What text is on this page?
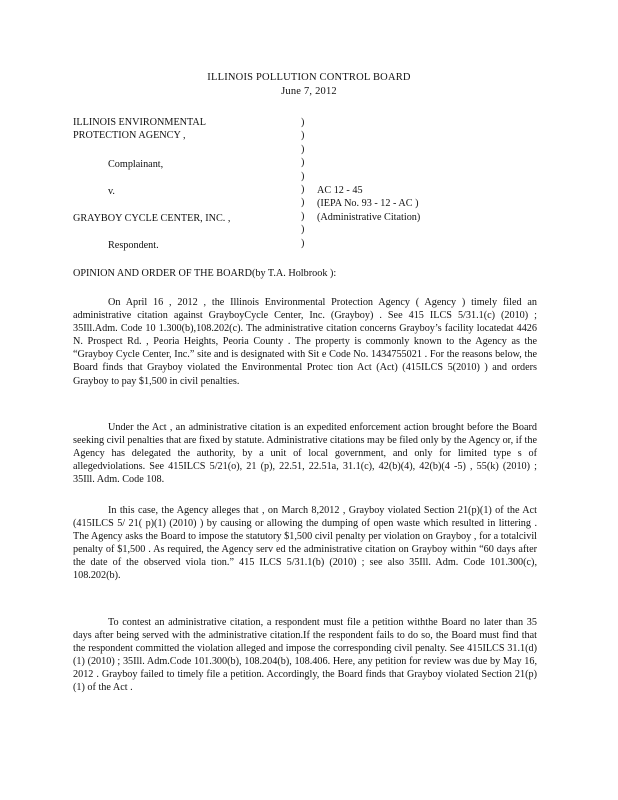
ILLINOIS POLLUTION CONTROL BOARD
June 7, 2012
ILLINOIS ENVIRONMENTAL
PROTECTION AGENCY ,
Complainant,
v.
GRAYBOY CYCLE CENTER, INC. ,
Respondent.
)
)
)
)
)
)
)
)
)
)
AC 12 - 45
(IEPA No. 93 - 12 - AC )
(Administrative Citation)
OPINION AND ORDER OF THE BOARD(by T.A. Holbrook ):

On April 16 , 2012 , the Illinois Environmental Protection Agency ( Agency ) timely filed an administrative citation against GrayboyCycle Center, Inc. (Grayboy) . See 415 ILCS 5/31.1(c) (2010) ; 35Ill.Adm. Code 10 1.300(b),108.202(c). The administrative citation concerns Grayboy’s facility locatedat 4426 N. Prospect Rd. , Peoria Heights, Peoria County . The property is commonly known to the Agency as the “Grayboy Cycle Center, Inc.” site and is designated with Sit e Code No. 1434755021 . For the reasons below, the Board finds that Grayboy violated the Environmental Protec tion Act (Act) (415ILCS 5(2010) ) and orders Grayboy to pay $1,500 in civil penalties.

Under the Act , an administrative citation is an expedited enforcement action brought before the Board seeking civil penalties that are fixed by statute. Administrative citations may be filed only by the Agency or, if the Agency has delegated the authority, by a unit of local government, and only for limited type s of allegedviolations. See 415ILCS 5/21(o), 21 (p), 22.51, 22.51a, 31.1(c), 42(b)(4), 42(b)(4 -5) , 55(k) (2010) ; 35Ill. Adm. Code 108.

In this case, the Agency alleges that , on March 8,2012 , Grayboy violated Section 21(p)(1) of the Act (415ILCS 5/ 21( p)(1) (2010) ) by causing or allowing the dumping of open waste which resulted in littering . The Agency asks the Board to impose the statutory $1,500 civil penalty per violation on Grayboy , for a totalcivil penalty of $1,500 . As required, the Agency serv ed the administrative citation on Grayboy within “60 days after the date of the observed viola tion.” 415 ILCS 5/31.1(b) (2010) ; see also 35Ill. Adm. Code 101.300(c), 108.202(b).

To contest an administrative citation, a respondent must file a petition withthe Board no later than 35 days after being served with the administrative citation.If the respondent fails to do so, the Board must find that the respondent committed the violation alleged and impose the corresponding civil penalty. See 415ILCS 31.1(d)(1) (2010) ; 35Ill. Adm.Code 101.300(b), 108.204(b), 108.406. Here, any petition for review was due by May 16, 2012 . Grayboy failed to timely file a petition. Accordingly, the Board finds that Grayboy violated Section 21(p)(1) of the Act .
